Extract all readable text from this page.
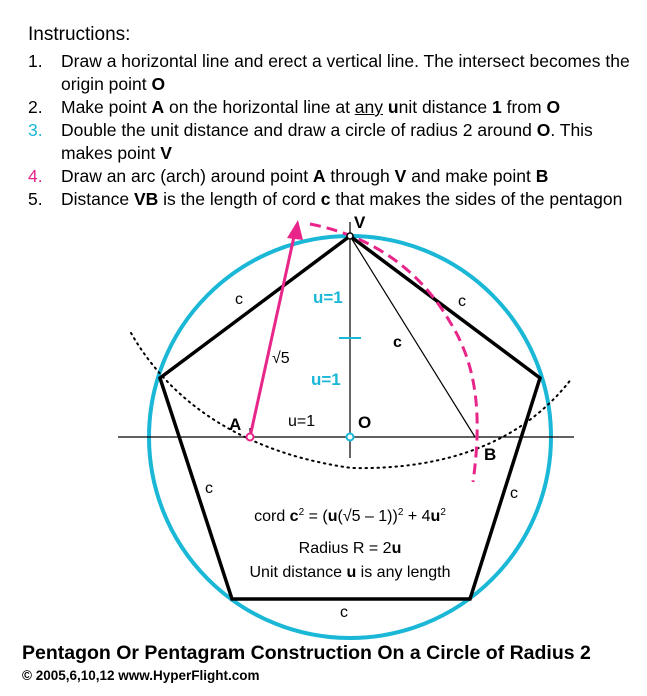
Instructions:
1.	Draw a horizontal line and erect a vertical line. The intersect becomes the origin point O
2.	Make point A on the horizontal line at any unit distance 1 from O
3.	Double the unit distance and draw a circle of radius 2 around O. This makes point V
4.	Draw an arc (arch) around point A through V and make point B
5.	Distance VB is the length of cord c that makes the sides of the pentagon
V
A	O
B
c	c
c
c	c
c
u=1
u=1
u=1
√5
cord $c^2 = (u(√5 - 1))^2 + 4u^2$
Radius R = 2u
Unit distance u is any length
Pentagon Or Pentagram Construction On a Circle of Radius 2
© 2005,6,10,12 www.HyperFlight.com
